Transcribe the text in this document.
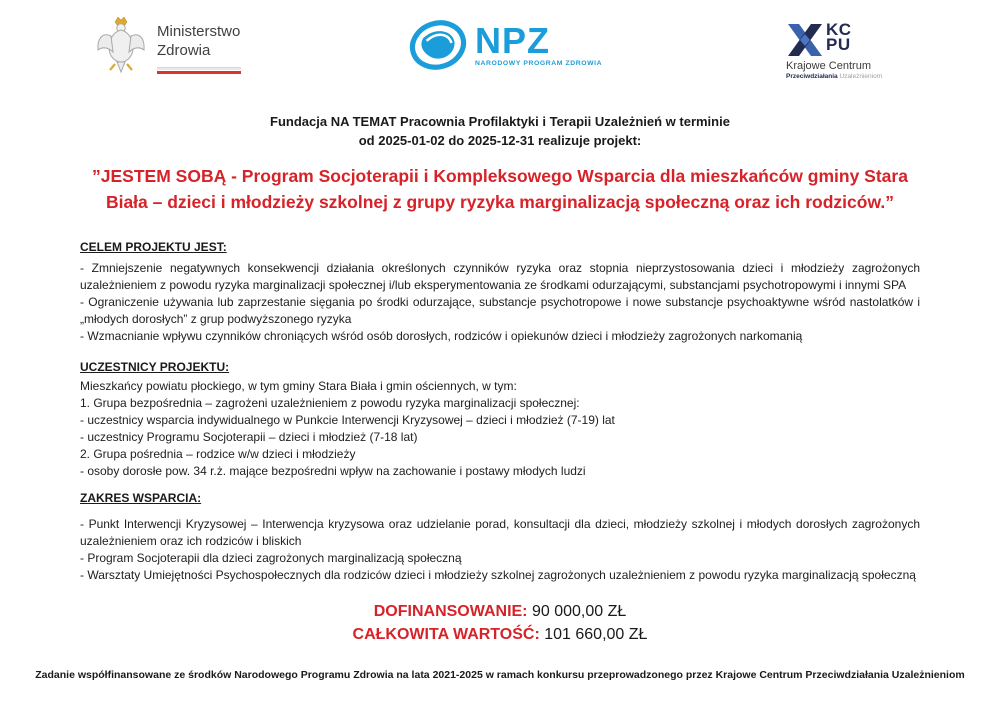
Ministerstwo
Zdrowia	NPZ
NARODOWY PROGRAM ZDROWIA
KC
PU
Krajowe Centrum
Przeciwdziałania Uzależnieniom

Fundacja NA TEMAT Pracownia Profilaktyki i Terapii Uzależnień w terminie
od 2025-01-02 do 2025-12-31 realizuje projekt:

”JESTEM SOBĄ - Program Socjoterapii i Kompleksowego Wsparcia dla mieszkańców gminy Stara Biała – dzieci i młodzieży szkolnej z grupy ryzyka marginalizacją społeczną oraz ich rodziców.”
CELEM PROJEKTU JEST:

- Zmniejszenie negatywnych konsekwencji działania określonych czynników ryzyka oraz stopnia nieprzystosowania dzieci i młodzieży zagrożonych uzależnieniem z powodu ryzyka marginalizacji społecznej i/lub eksperymentowania ze środkami odurzającymi, substancjami psychotropowymi i innymi SPA

- Ograniczenie używania lub zaprzestanie sięgania po środki odurzające, substancje psychotropowe i nowe substancje psychoaktywne wśród nastolatków i „młodych dorosłych” z grup podwyższonego ryzyka

- Wzmacnianie wpływu czynników chroniących wśród osób dorosłych, rodziców i opiekunów dzieci i młodzieży zagrożonych narkomanią

UCZESTNICY PROJEKTU:

Mieszkańcy powiatu płockiego, w tym gminy Stara Biała i gmin ościennych, w tym:

1. Grupa bezpośrednia – zagrożeni uzależnieniem z powodu ryzyka marginalizacji społecznej:

- uczestnicy wsparcia indywidualnego w Punkcie Interwencji Kryzysowej – dzieci i młodzież (7-19) lat

- uczestnicy Programu Socjoterapii – dzieci i młodzież (7-18 lat)

2. Grupa pośrednia – rodzice w/w dzieci i młodzieży

- osoby dorosłe pow. 34 r.ż. mające bezpośredni wpływ na zachowanie i postawy młodych ludzi

ZAKRES WSPARCIA:

- Punkt Interwencji Kryzysowej – Interwencja kryzysowa oraz udzielanie porad, konsultacji dla dzieci, młodzieży szkolnej i młodych dorosłych zagrożonych uzależnieniem oraz ich rodziców i bliskich

- Program Socjoterapii dla dzieci zagrożonych marginalizacją społeczną

- Warsztaty Umiejętności Psychospołecznych dla rodziców dzieci i młodzieży szkolnej zagrożonych uzależnieniem z powodu ryzyka marginalizacją społeczną

DOFINANSOWANIE: 90 000,00 ZŁ
CAŁKOWITA WARTOŚĆ: 101 660,00 ZŁ
Zadanie współfinansowane ze środków Narodowego Programu Zdrowia na lata 2021-2025 w ramach konkursu przeprowadzonego przez Krajowe Centrum Przeciwdziałania Uzależnieniom
